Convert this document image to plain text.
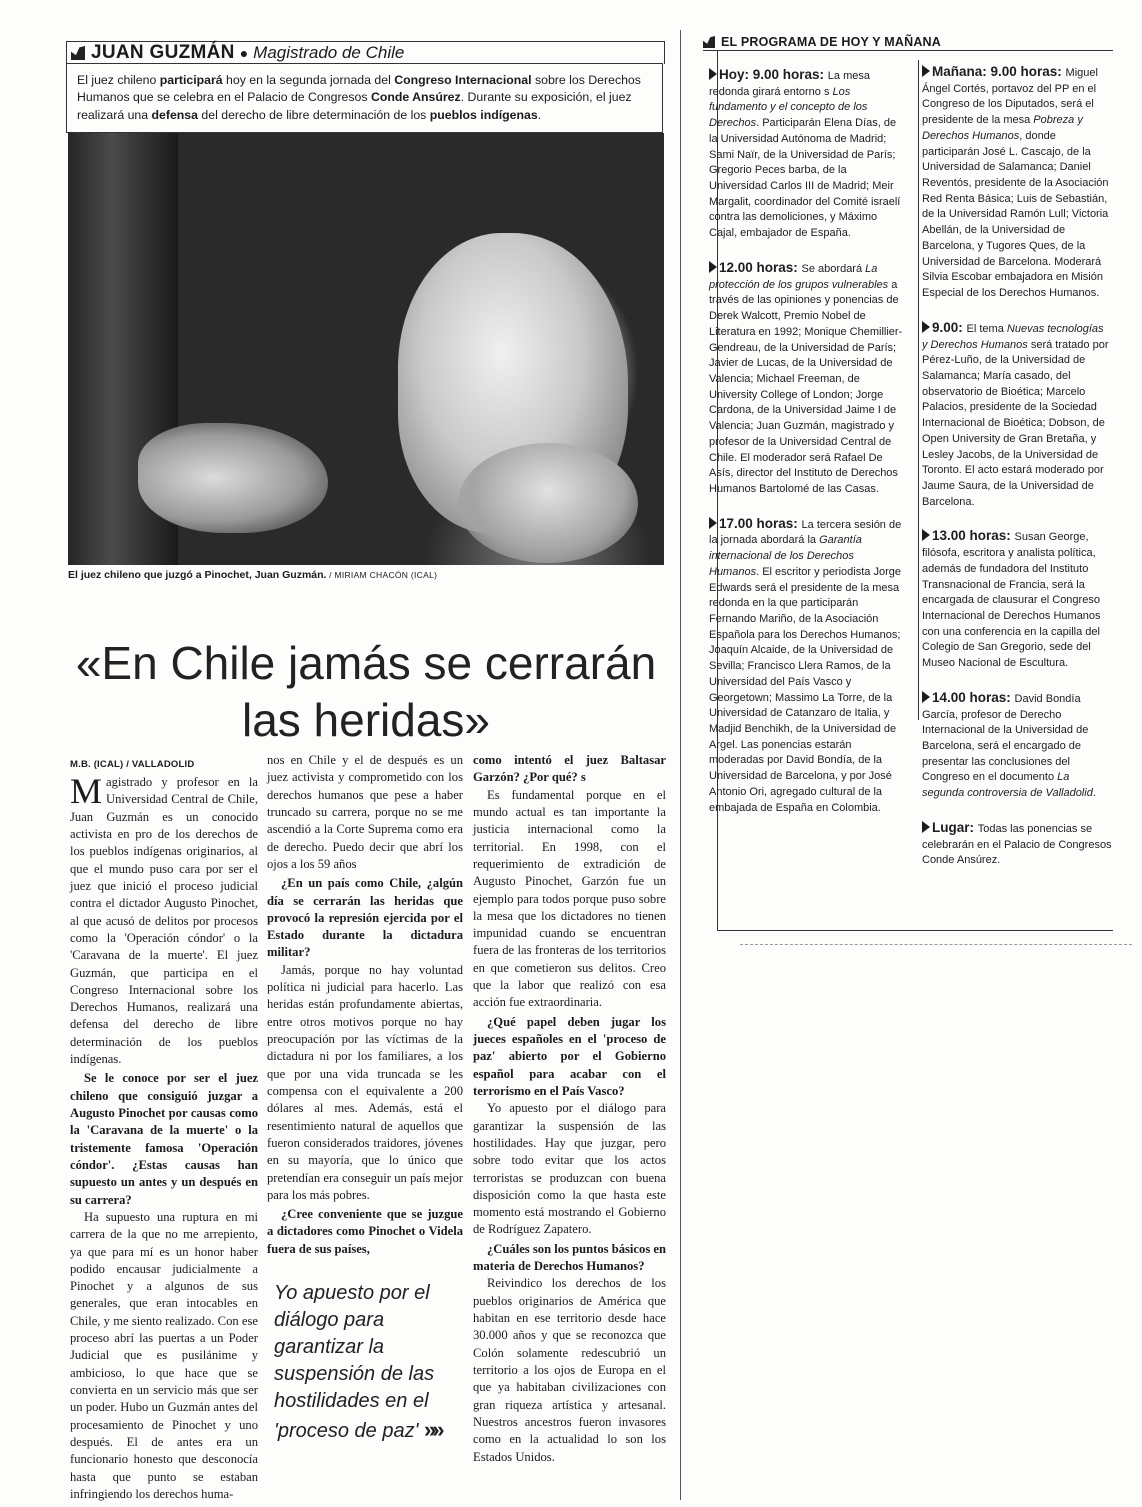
JUAN GUZMÁN ● Magistrado de Chile
El juez chileno participará hoy en la segunda jornada del Congreso Internacional sobre los Derechos Humanos que se celebra en el Palacio de Congresos Conde Ansúrez. Durante su exposición, el juez realizará una defensa del derecho de libre determinación de los pueblos indígenas.
El juez chileno que juzgó a Pinochet, Juan Guzmán. / MIRIAM CHACÓN (ICAL)
«En Chile jamás se cerrarán las heridas»
M.B. (ICAL) / VALLADOLID

Magistrado y profesor en la Universidad Central de Chile, Juan Guzmán es un conocido activista en pro de los derechos de los pueblos indígenas originarios, al que el mundo puso cara por ser el juez que inició el proceso judicial contra el dictador Augusto Pinochet, al que acusó de delitos por procesos como la 'Operación cóndor' o la 'Caravana de la muerte'. El juez Guzmán, que participa en el Congreso Internacional sobre los Derechos Humanos, realizará una defensa del derecho de libre determinación de los pueblos indígenas.

Se le conoce por ser el juez chileno que consiguió juzgar a Augusto Pinochet por causas como la 'Caravana de la muerte' o la tristemente famosa 'Operación cóndor'. ¿Estas causas han supuesto un antes y un después en su carrera?

Ha supuesto una ruptura en mi carrera de la que no me arrepiento, ya que para mí es un honor haber podido encausar judicialmente a Pinochet y a algunos de sus generales, que eran intocables en Chile, y me siento realizado. Con ese proceso abrí las puertas a un Poder Judicial que es pusilánime y ambicioso, lo que hace que se convierta en un servicio más que ser un poder. Hubo un Guzmán antes del procesamiento de Pinochet y uno después. El de antes era un funcionario honesto que desconocía hasta que punto se estaban infringiendo los derechos huma-

nos en Chile y el de después es un juez activista y comprometido con los derechos humanos que pese a haber truncado su carrera, porque no se me ascendió a la Corte Suprema como era de derecho. Puedo decir que abrí los ojos a los 59 años

¿En un país como Chile, ¿algún día se cerrarán las heridas que provocó la represión ejercida por el Estado durante la dictadura militar?

Jamás, porque no hay voluntad política ni judicial para hacerlo. Las heridas están profundamente abiertas, entre otros motivos porque no hay preocupación por las víctimas de la dictadura ni por los familiares, a los que por una vida truncada se les compensa con el equivalente a 200 dólares al mes. Además, está el resentimiento natural de aquellos que fueron considerados traidores, jóvenes en su mayoría, que lo único que pretendían era conseguir un país mejor para los más pobres.

¿Cree conveniente que se juzgue a dictadores como Pinochet o Videla fuera de sus países,

Yo apuesto por el diálogo para garantizar la suspensión de las hostilidades en el 'proceso de paz' »»

como intentó el juez Baltasar Garzón? ¿Por qué? s

Es fundamental porque en el mundo actual es tan importante la justicia internacional como la territorial. En 1998, con el requerimiento de extradición de Augusto Pinochet, Garzón fue un ejemplo para todos porque puso sobre la mesa que los dictadores no tienen impunidad cuando se encuentran fuera de las fronteras de los territorios en que cometieron sus delitos. Creo que la labor que realizó con esa acción fue extraordinaria.

¿Qué papel deben jugar los jueces españoles en el 'proceso de paz' abierto por el Gobierno español para acabar con el terrorismo en el País Vasco?

Yo apuesto por el diálogo para garantizar la suspensión de las hostilidades. Hay que juzgar, pero sobre todo evitar que los actos terroristas se produzcan con buena disposición como la que hasta este momento está mostrando el Gobierno de Rodríguez Zapatero.

¿Cuáles son los puntos básicos en materia de Derechos Humanos?

Reivindico los derechos de los pueblos originarios de América que habitan en ese territorio desde hace 30.000 años y que se reconozca que Colón solamente redescubrió un territorio a los ojos de Europa en el que ya habitaban civilizaciones con gran riqueza artística y artesanal. Nuestros ancestros fueron invasores como en la actualidad lo son los Estados Unidos.

EL PROGRAMA DE HOY Y MAÑANA
Hoy: 9.00 horas: La mesa redonda girará entorno s Los fundamento y el concepto de los Derechos. Participarán Elena Días, de la Universidad Autónoma de Madrid; Sami Naïr, de la Universidad de París; Gregorio Peces barba, de la Universidad Carlos III de Madrid; Meir Margalit, coordinador del Comité israelí contra las demoliciones, y Máximo Cajal, embajador de España.
12.00 horas: Se abordará La protección de los grupos vulnerables a través de las opiniones y ponencias de Derek Walcott, Premio Nobel de Literatura en 1992; Monique Chemillier-Gendreau, de la Universidad de París; Javier de Lucas, de la Universidad de Valencia; Michael Freeman, de University College of London; Jorge Cardona, de la Universidad Jaime I de Valencia; Juan Guzmán, magistrado y profesor de la Universidad Central de Chile. El moderador será Rafael De Asís, director del Instituto de Derechos Humanos Bartolomé de las Casas.
17.00 horas: La tercera sesión de la jornada abordará la Garantía internacional de los Derechos Humanos. El escritor y periodista Jorge Edwards será el presidente de la mesa redonda en la que participarán Fernando Mariño, de la Asociación Española para los Derechos Humanos; Joaquín Alcaide, de la Universidad de Sevilla; Francisco Llera Ramos, de la Universidad del País Vasco y Georgetown; Massimo La Torre, de la Universidad de Catanzaro de Italia, y Madjid Benchikh, de la Universidad de Argel. Las ponencias estarán moderadas por David Bondía, de la Universidad de Barcelona, y por José Antonio Ori, agregado cultural de la embajada de España en Colombia.
Mañana: 9.00 horas: Miguel Ángel Cortés, portavoz del PP en el Congreso de los Diputados, será el presidente de la mesa Pobreza y Derechos Humanos, donde participarán José L. Cascajo, de la Universidad de Salamanca; Daniel Reventós, presidente de la Asociación Red Renta Básica; Luis de Sebastián, de la Universidad Ramón Lull; Victoria Abellán, de la Universidad de Barcelona, y Tugores Ques, de la Universidad de Barcelona. Moderará Silvia Escobar embajadora en Misión Especial de los Derechos Humanos.
9.00: El tema Nuevas tecnologías y Derechos Humanos será tratado por Pérez-Luño, de la Universidad de Salamanca; María casado, del observatorio de Bioética; Marcelo Palacios, presidente de la Sociedad Internacional de Bioética; Dobson, de Open University de Gran Bretaña, y Lesley Jacobs, de la Universidad de Toronto. El acto estará moderado por Jaume Saura, de la Universidad de Barcelona.
13.00 horas: Susan George, filósofa, escritora y analista política, además de fundadora del Instituto Transnacional de Francia, será la encargada de clausurar el Congreso Internacional de Derechos Humanos con una conferencia en la capilla del Colegio de San Gregorio, sede del Museo Nacional de Escultura.
14.00 horas: David Bondía García, profesor de Derecho Internacional de la Universidad de Barcelona, será el encargado de presentar las conclusiones del Congreso en el documento La segunda controversia de Valladolid.
Lugar: Todas las ponencias se celebrarán en el Palacio de Congresos Conde Ansúrez.
